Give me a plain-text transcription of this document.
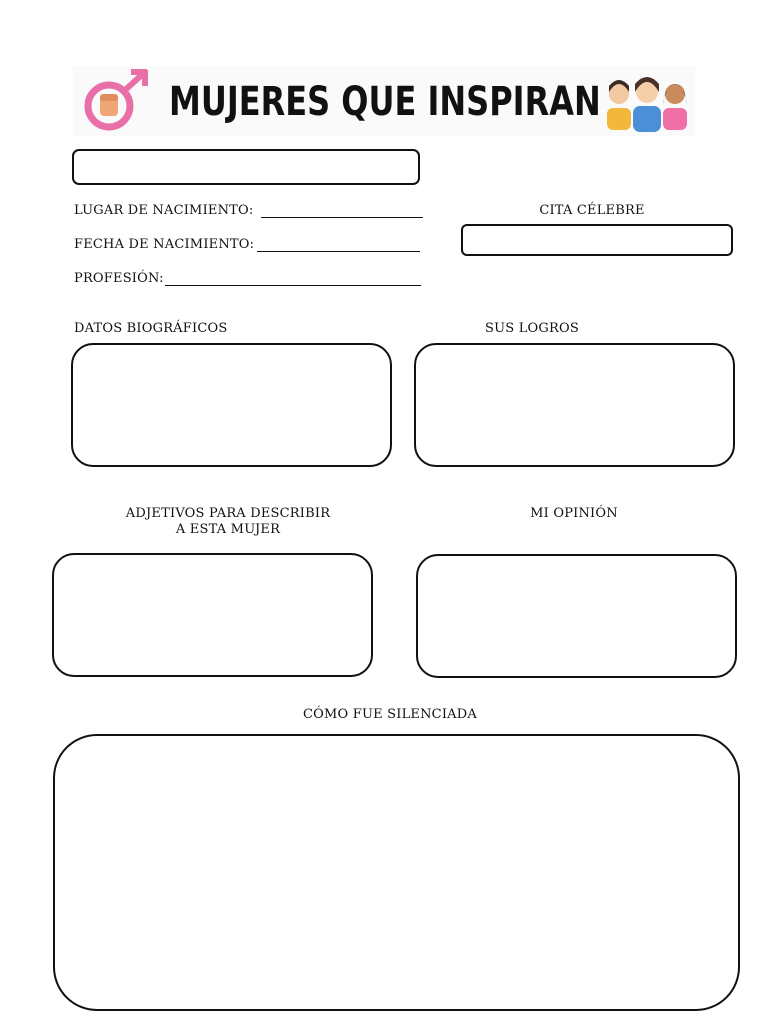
MUJERES QUE INSPIRAN
LUGAR DE NACIMIENTO:
FECHA DE NACIMIENTO:
PROFESIÓN:
CITA CÉLEBRE
DATOS BIOGRÁFICOS	SUS LOGROS
ADJETIVOS PARA DESCRIBIR
A ESTA MUJER
MI OPINIÓN
CÓMO FUE SILENCIADA
